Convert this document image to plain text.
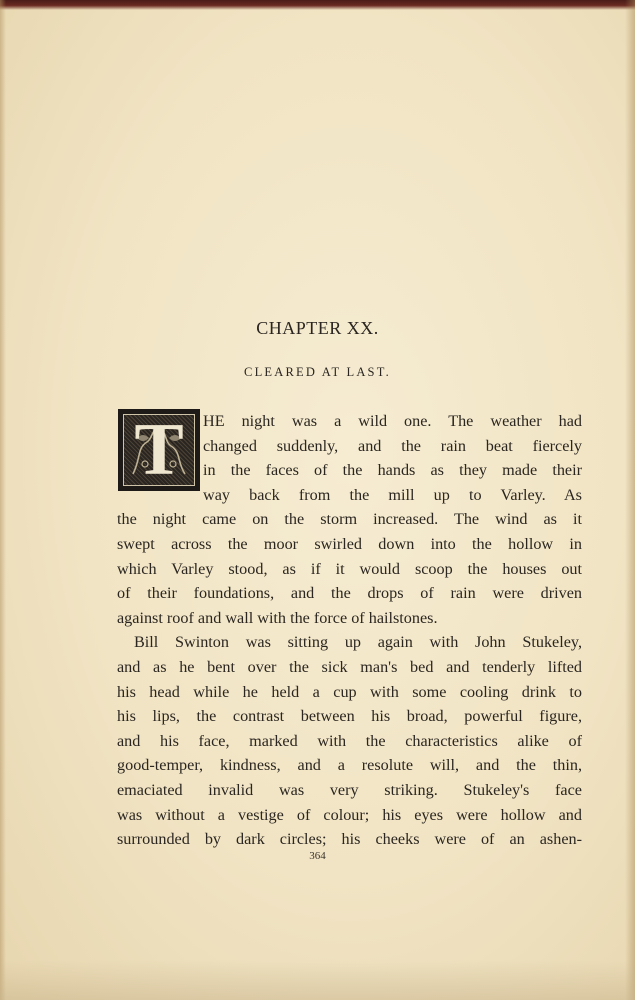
CHAPTER XX.
CLEARED AT LAST.
T	HE night was a wild one. The weather had
changed suddenly, and the rain beat fiercely
in the faces of the hands as they made their
way back from the mill up to Varley. As
the night came on the storm increased. The wind as it
swept across the moor swirled down into the hollow in
which Varley stood, as if it would scoop the houses out
of their foundations, and the drops of rain were driven
against roof and wall with the force of hailstones.
Bill Swinton was sitting up again with John Stukeley,
and as he bent over the sick man's bed and tenderly lifted
his head while he held a cup with some cooling drink to
his lips, the contrast between his broad, powerful figure,
and his face, marked with the characteristics alike of
good-temper, kindness, and a resolute will, and the thin,
emaciated invalid was very striking. Stukeley's face
was without a vestige of colour; his eyes were hollow and
surrounded by dark circles; his cheeks were of an ashen-
364
